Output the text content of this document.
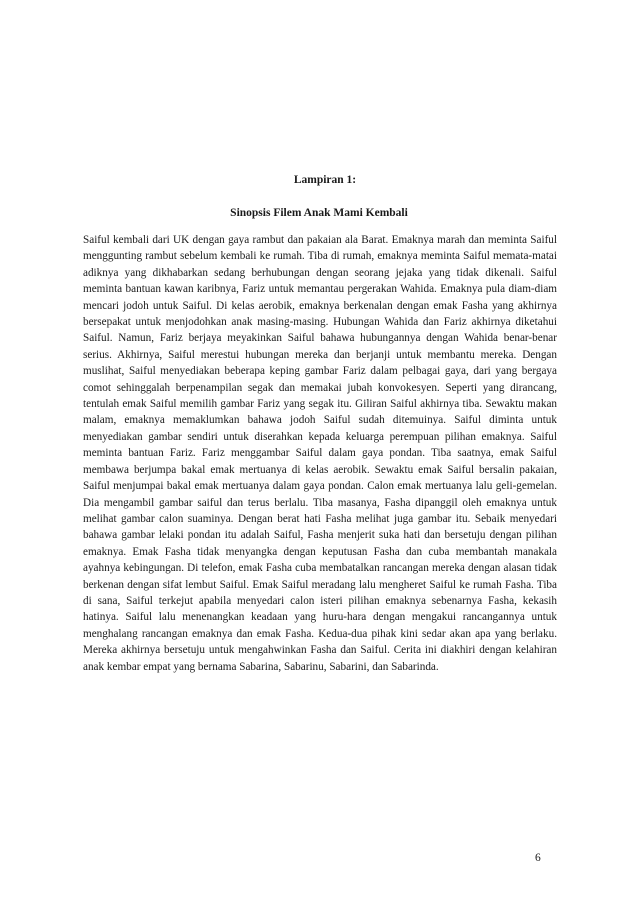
Lampiran 1:

Sinopsis Filem Anak Mami Kembali

Saiful kembali dari UK dengan gaya rambut dan pakaian ala Barat. Emaknya marah dan meminta Saiful menggunting rambut sebelum kembali ke rumah. Tiba di rumah, emaknya meminta Saiful memata-matai adiknya yang dikhabarkan sedang berhubungan dengan seorang jejaka yang tidak dikenali. Saiful meminta bantuan kawan karibnya, Fariz untuk memantau pergerakan Wahida. Emaknya pula diam-diam mencari jodoh untuk Saiful. Di kelas aerobik, emaknya berkenalan dengan emak Fasha yang akhirnya bersepakat untuk menjodohkan anak masing-masing. Hubungan Wahida dan Fariz akhirnya diketahui Saiful. Namun, Fariz berjaya meyakinkan Saiful bahawa hubungannya dengan Wahida benar-benar serius. Akhirnya, Saiful merestui hubungan mereka dan berjanji untuk membantu mereka. Dengan muslihat, Saiful menyediakan beberapa keping gambar Fariz dalam pelbagai gaya, dari yang bergaya comot sehinggalah berpenampilan segak dan memakai jubah konvokesyen. Seperti yang dirancang, tentulah emak Saiful memilih gambar Fariz yang segak itu. Giliran Saiful akhirnya tiba. Sewaktu makan malam, emaknya memaklumkan bahawa jodoh Saiful sudah ditemuinya. Saiful diminta untuk menyediakan gambar sendiri untuk diserahkan kepada keluarga perempuan pilihan emaknya. Saiful meminta bantuan Fariz. Fariz menggambar Saiful dalam gaya pondan. Tiba saatnya, emak Saiful membawa berjumpa bakal emak mertuanya di kelas aerobik. Sewaktu emak Saiful bersalin pakaian, Saiful menjumpai bakal emak mertuanya dalam gaya pondan. Calon emak mertuanya lalu geli-gemelan. Dia mengambil gambar saiful dan terus berlalu. Tiba masanya, Fasha dipanggil oleh emaknya untuk melihat gambar calon suaminya. Dengan berat hati Fasha melihat juga gambar itu. Sebaik menyedari bahawa gambar lelaki pondan itu adalah Saiful, Fasha menjerit suka hati dan bersetuju dengan pilihan emaknya. Emak Fasha tidak menyangka dengan keputusan Fasha dan cuba membantah manakala ayahnya kebingungan. Di telefon, emak Fasha cuba membatalkan rancangan mereka dengan alasan tidak berkenan dengan sifat lembut Saiful. Emak Saiful meradang lalu mengheret Saiful ke rumah Fasha. Tiba di sana, Saiful terkejut apabila menyedari calon isteri pilihan emaknya sebenarnya Fasha, kekasih hatinya. Saiful lalu menenangkan keadaan yang huru-hara dengan mengakui rancangannya untuk menghalang rancangan emaknya dan emak Fasha. Kedua-dua pihak kini sedar akan apa yang berlaku. Mereka akhirnya bersetuju untuk mengahwinkan Fasha dan Saiful. Cerita ini diakhiri dengan kelahiran anak kembar empat yang bernama Sabarina, Sabarinu, Sabarini, dan Sabarinda.

6
